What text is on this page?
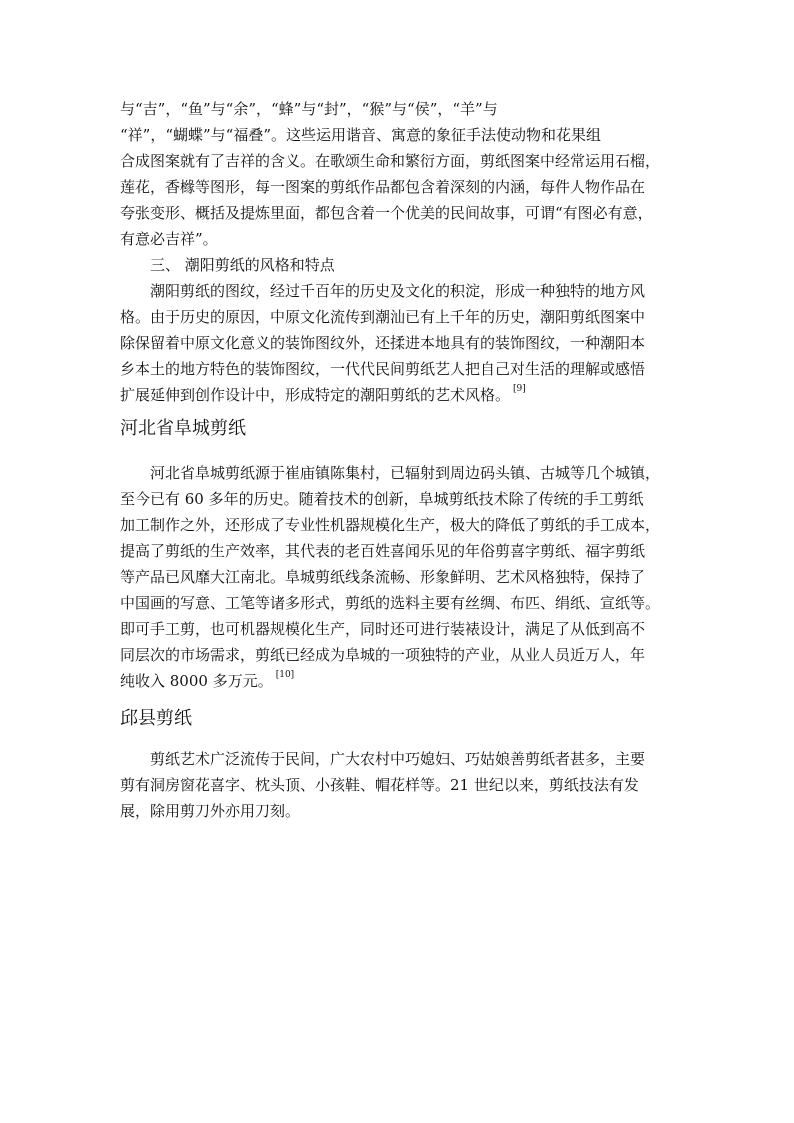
与“吉”，“鱼”与“余”，“蜂”与“封”，“猴”与“侯”，“羊”与
“祥”，“蝴蝶”与“福叠”。这些运用谐音、寓意的象征手法使动物和花果组
合成图案就有了吉祥的含义。在歌颂生命和繁衍方面，剪纸图案中经常运用石榴，
莲花，香橼等图形，每一图案的剪纸作品都包含着深刻的内涵，每件人物作品在
夸张变形、概括及提炼里面，都包含着一个优美的民间故事，可谓“有图必有意，
有意必吉祥”。
三、 潮阳剪纸的风格和特点
潮阳剪纸的图纹，经过千百年的历史及文化的积淀，形成一种独特的地方风
格。由于历史的原因，中原文化流传到潮汕已有上千年的历史，潮阳剪纸图案中
除保留着中原文化意义的装饰图纹外，还揉进本地具有的装饰图纹，一种潮阳本
乡本土的地方特色的装饰图纹，一代代民间剪纸艺人把自己对生活的理解或感悟
扩展延伸到创作设计中，形成特定的潮阳剪纸的艺术风格。 [9]
河北省阜城剪纸
河北省阜城剪纸源于崔庙镇陈集村，已辐射到周边码头镇、古城等几个城镇，
至今已有 60 多年的历史。随着技术的创新，阜城剪纸技术除了传统的手工剪纸
加工制作之外，还形成了专业性机器规模化生产，极大的降低了剪纸的手工成本，
提高了剪纸的生产效率，其代表的老百姓喜闻乐见的年俗剪喜字剪纸、福字剪纸
等产品已风靡大江南北。阜城剪纸线条流畅、形象鲜明、艺术风格独特，保持了
中国画的写意、工笔等诸多形式，剪纸的选料主要有丝绸、布匹、绢纸、宣纸等。
即可手工剪，也可机器规模化生产，同时还可进行装裱设计，满足了从低到高不
同层次的市场需求，剪纸已经成为阜城的一项独特的产业，从业人员近万人，年
纯收入 8000 多万元。 [10]
邱县剪纸
剪纸艺术广泛流传于民间，广大农村中巧媳妇、巧姑娘善剪纸者甚多，主要
剪有洞房窗花喜字、枕头顶、小孩鞋、帽花样等。21 世纪以来，剪纸技法有发
展，除用剪刀外亦用刀刻。
